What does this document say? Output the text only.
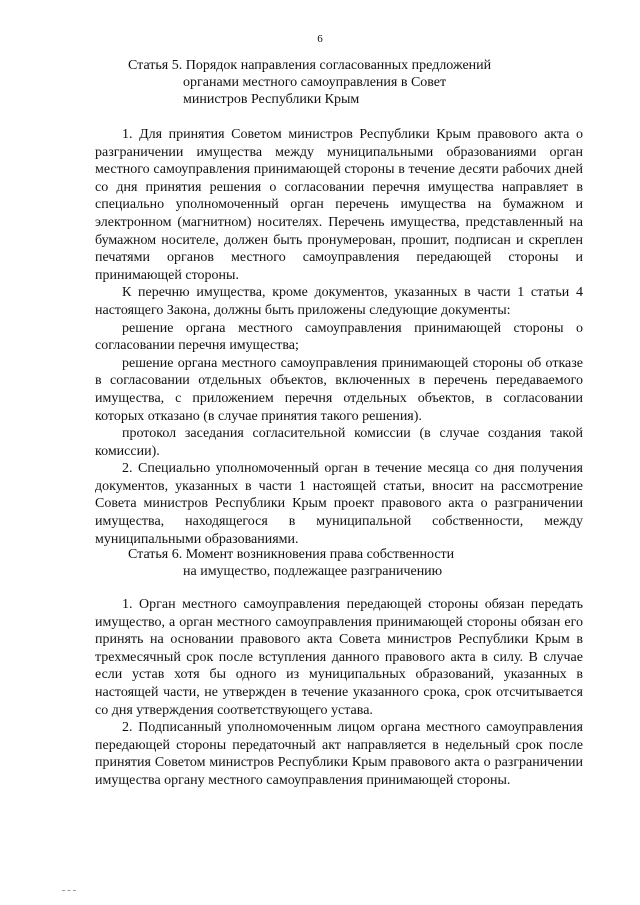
6
Статья 5. Порядок направления согласованных предложений
органами местного самоуправления в Совет
министров Республики Крым

1. Для принятия Советом министров Республики Крым правового акта о разграничении имущества между муниципальными образованиями орган местного самоуправления принимающей стороны в течение десяти рабочих дней со дня принятия решения о согласовании перечня имущества направляет в специально уполномоченный орган перечень имущества на бумажном и электронном (магнитном) носителях. Перечень имущества, представленный на бумажном носителе, должен быть пронумерован, прошит, подписан и скреплен печатями органов местного самоуправления передающей стороны и принимающей стороны.

К перечню имущества, кроме документов, указанных в части 1 статьи 4 настоящего Закона, должны быть приложены следующие документы:

решение органа местного самоуправления принимающей стороны о согласовании перечня имущества;

решение органа местного самоуправления принимающей стороны об отказе в согласовании отдельных объектов, включенных в перечень передаваемого имущества, с приложением перечня отдельных объектов, в согласовании которых отказано (в случае принятия такого решения).

протокол заседания согласительной комиссии (в случае создания такой комиссии).

2. Специально уполномоченный орган в течение месяца со дня получения документов, указанных в части 1 настоящей статьи, вносит на рассмотрение Совета министров Республики Крым проект правового акта о разграничении имущества, находящегося в муниципальной собственности, между муниципальными образованиями.

Статья 6. Момент возникновения права собственности
на имущество, подлежащее разграничению

1. Орган местного самоуправления передающей стороны обязан передать имущество, а орган местного самоуправления принимающей стороны обязан его принять на основании правового акта Совета министров Республики Крым в трехмесячный срок после вступления данного правового акта в силу. В случае если устав хотя бы одного из муниципальных образований, указанных в настоящей части, не утвержден в течение указанного срока, срок отсчитывается со дня утверждения соответствующего устава.

2. Подписанный уполномоченным лицом органа местного самоуправления передающей стороны передаточный акт направляется в недельный срок после принятия Советом министров Республики Крым правового акта о разграничении имущества органу местного самоуправления принимающей стороны.
